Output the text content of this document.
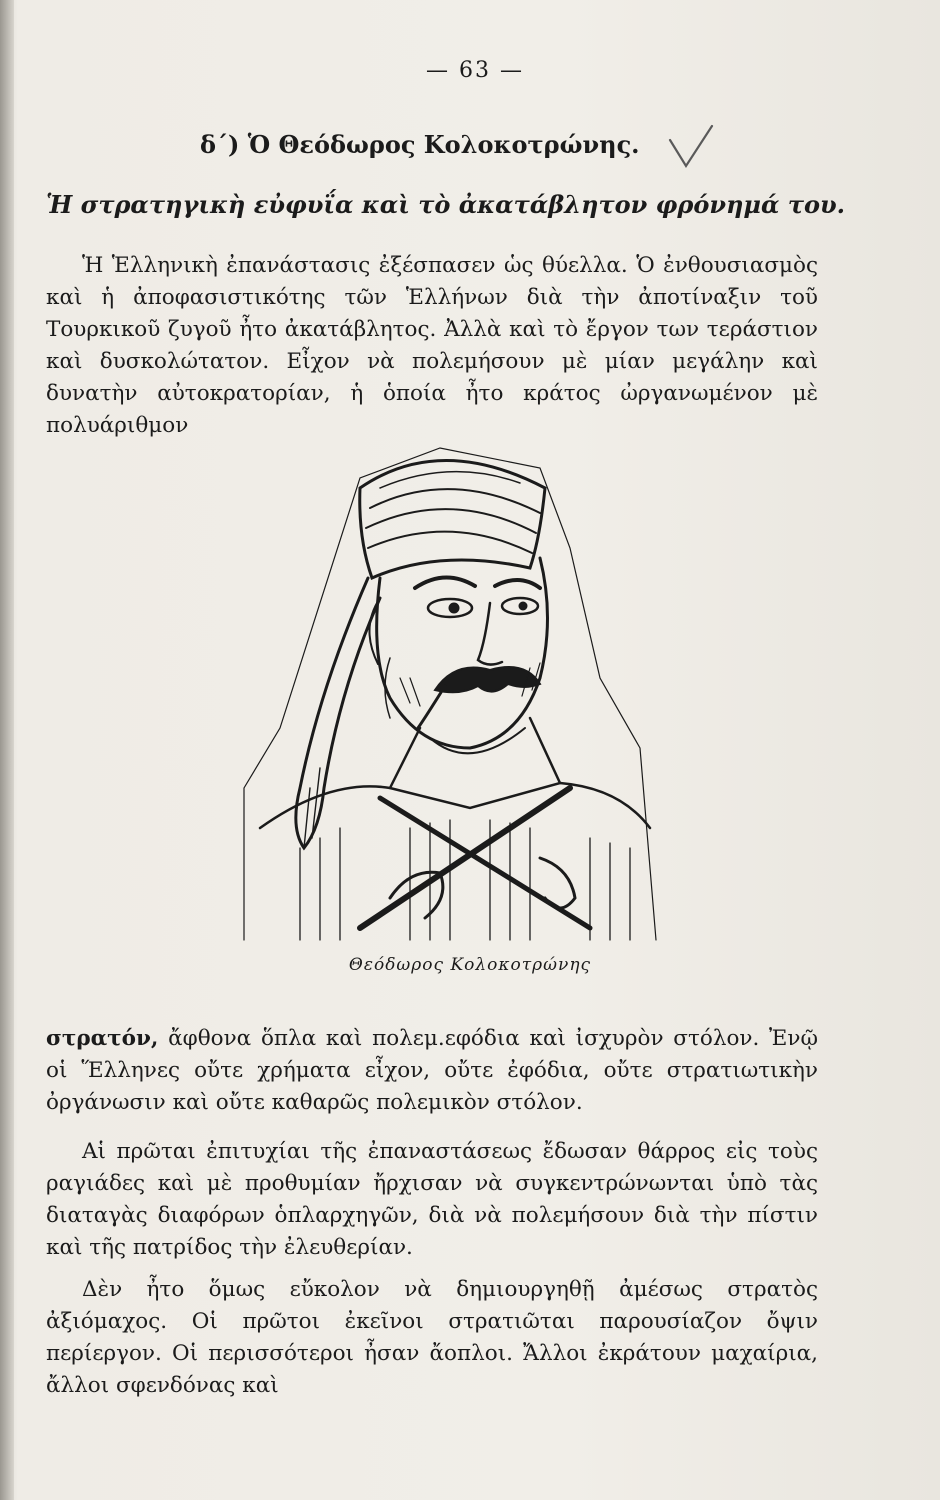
— 63 —
δ΄) Ὁ Θεόδωρος Κολοκοτρώνης.
Ἡ στρατηγικὴ εὐφυΐα καὶ τὸ ἀκατάβλητον φρόνημά του.
Ἡ Ἑλληνικὴ ἐπανάστασις ἐξέσπασεν ὡς θύελλα. Ὁ ἐνθουσιασμὸς καὶ ἡ ἀποφασιστικότης τῶν Ἑλλήνων διὰ τὴν ἀποτίναξιν τοῦ Τουρκικοῦ ζυγοῦ ἦτο ἀκατάβλητος. Ἀλλὰ καὶ τὸ ἔργον των τεράστιον καὶ δυσκολώτατον. Εἶχον νὰ πολεμήσουν μὲ μίαν μεγάλην καὶ δυνατὴν αὐτοκρατορίαν, ἡ ὁποία ἦτο κράτος ὠργανωμένον μὲ πολυάριθμον
Θεόδωρος Κολοκοτρώνης
στρατόν, ἄφθονα ὅπλα καὶ πολεμ.εφόδια καὶ ἰσχυρὸν στόλον. Ἐνῷ οἱ Ἕλληνες οὔτε χρήματα εἶχον, οὔτε ἐφόδια, οὔτε στρατιωτικὴν ὀργάνωσιν καὶ οὔτε καθαρῶς πολεμικὸν στόλον.
Αἱ πρῶται ἐπιτυχίαι τῆς ἐπαναστάσεως ἔδωσαν θάρρος εἰς τοὺς ραγιάδες καὶ μὲ προθυμίαν ἤρχισαν νὰ συγκεντρώνωνται ὑπὸ τὰς διαταγὰς διαφόρων ὁπλαρχηγῶν, διὰ νὰ πολεμήσουν διὰ τὴν πίστιν καὶ τῆς πατρίδος τὴν ἐλευθερίαν.
Δὲν ἦτο ὅμως εὔκολον νὰ δημιουργηθῇ ἀμέσως στρατὸς ἀξιόμαχος. Οἱ πρῶτοι ἐκεῖνοι στρατιῶται παρουσίαζον ὄψιν περίεργον. Οἱ περισσότεροι ἦσαν ἄοπλοι. Ἄλλοι ἐκράτουν μαχαίρια, ἄλλοι σφενδόνας καὶ
